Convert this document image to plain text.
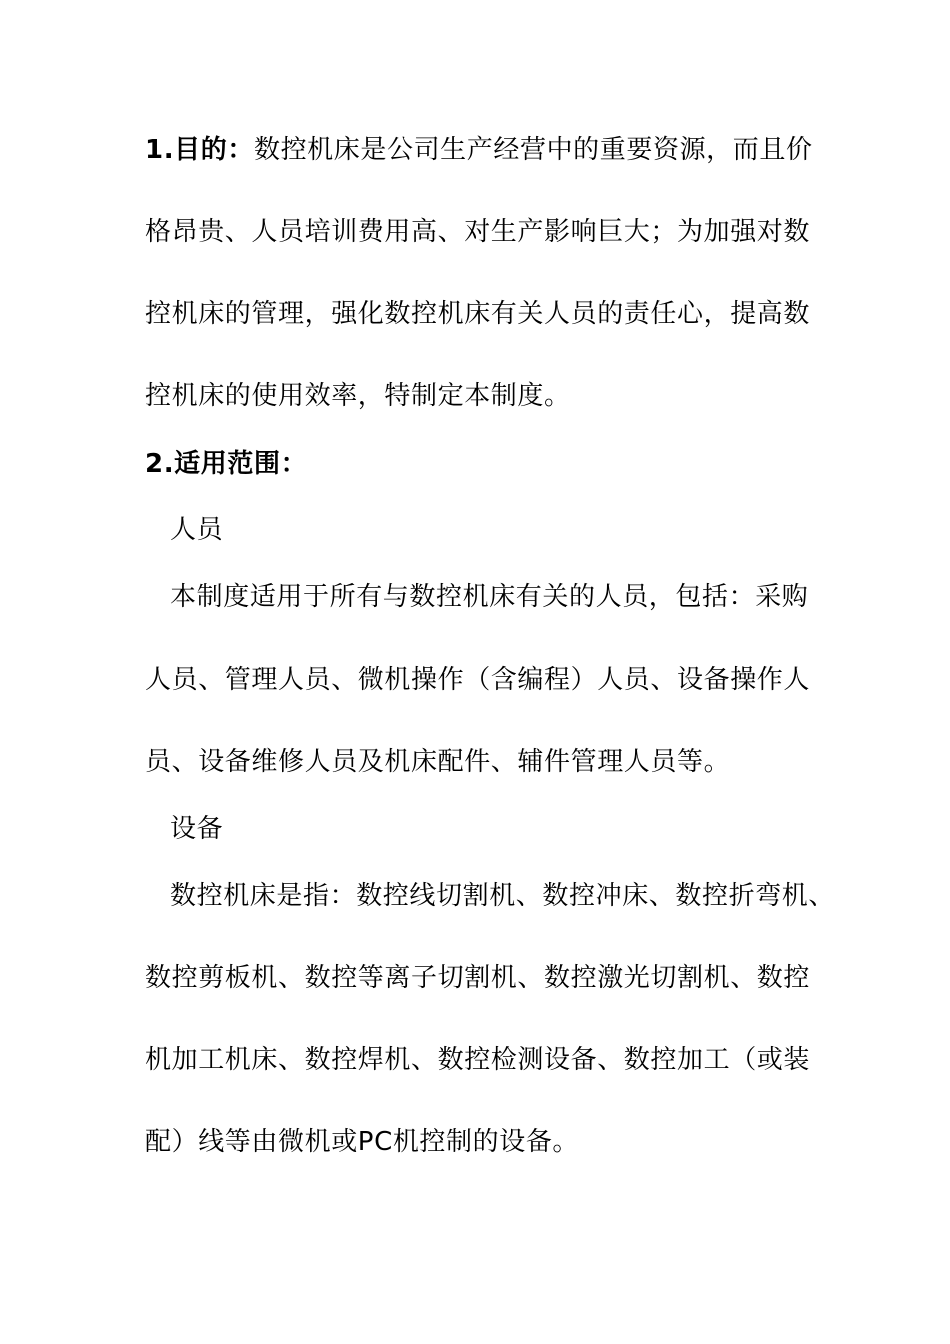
1.目的：数控机床是公司生产经营中的重要资源，而且价
格昂贵、人员培训费用高、对生产影响巨大；为加强对数
控机床的管理，强化数控机床有关人员的责任心，提高数
控机床的使用效率，特制定本制度。
2.适用范围：
人员
本制度适用于所有与数控机床有关的人员，包括：采购
人员、管理人员、微机操作（含编程）人员、设备操作人
员、设备维修人员及机床配件、辅件管理人员等。
设备
数控机床是指：数控线切割机、数控冲床、数控折弯机、
数控剪板机、数控等离子切割机、数控激光切割机、数控
机加工机床、数控焊机、数控检测设备、数控加工（或装
配）线等由微机或PC机控制的设备。
